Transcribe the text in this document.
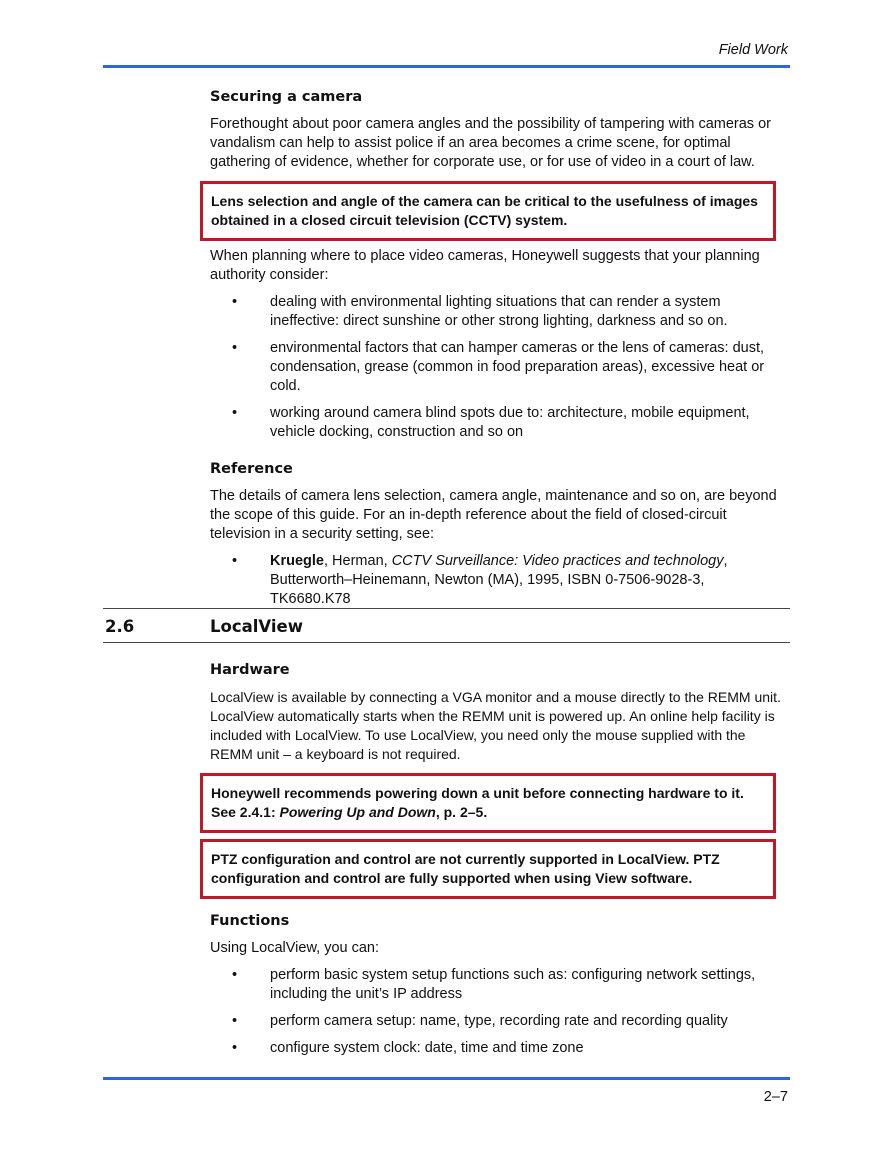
Field Work
Securing a camera

Forethought about poor camera angles and the possibility of tampering with cameras or vandalism can help to assist police if an area becomes a crime scene, for optimal gathering of evidence, whether for corporate use, or for use of video in a court of law.

Lens selection and angle of the camera can be critical to the usefulness of images obtained in a closed circuit television (CCTV) system.

When planning where to place video cameras, Honeywell suggests that your planning authority consider:

• dealing with environmental lighting situations that can render a system ineffective: direct sunshine or other strong lighting, darkness and so on.
• environmental factors that can hamper cameras or the lens of cameras: dust, condensation, grease (common in food preparation areas), excessive heat or cold.
• working around camera blind spots due to: architecture, mobile equipment, vehicle docking, construction and so on
Reference

The details of camera lens selection, camera angle, maintenance and so on, are beyond the scope of this guide. For an in-depth reference about the field of closed-circuit television in a security setting, see:

• Kruegle, Herman, CCTV Surveillance: Video practices and technology, Butterworth–Heinemann, Newton (MA), 1995, ISBN 0-7506-9028-3, TK6680.K78
2.6	LocalView
Hardware

LocalView is available by connecting a VGA monitor and a mouse directly to the REMM unit. LocalView automatically starts when the REMM unit is powered up. An online help facility is included with LocalView. To use LocalView, you need only the mouse supplied with the REMM unit – a keyboard is not required.

Honeywell recommends powering down a unit before connecting hardware to it. See 2.4.1: Powering Up and Down, p. 2–5.
PTZ configuration and control are not currently supported in LocalView. PTZ configuration and control are fully supported when using View software.
Functions

Using LocalView, you can:

• perform basic system setup functions such as: configuring network settings, including the unit’s IP address
• perform camera setup: name, type, recording rate and recording quality
• configure system clock: date, time and time zone
2–7
